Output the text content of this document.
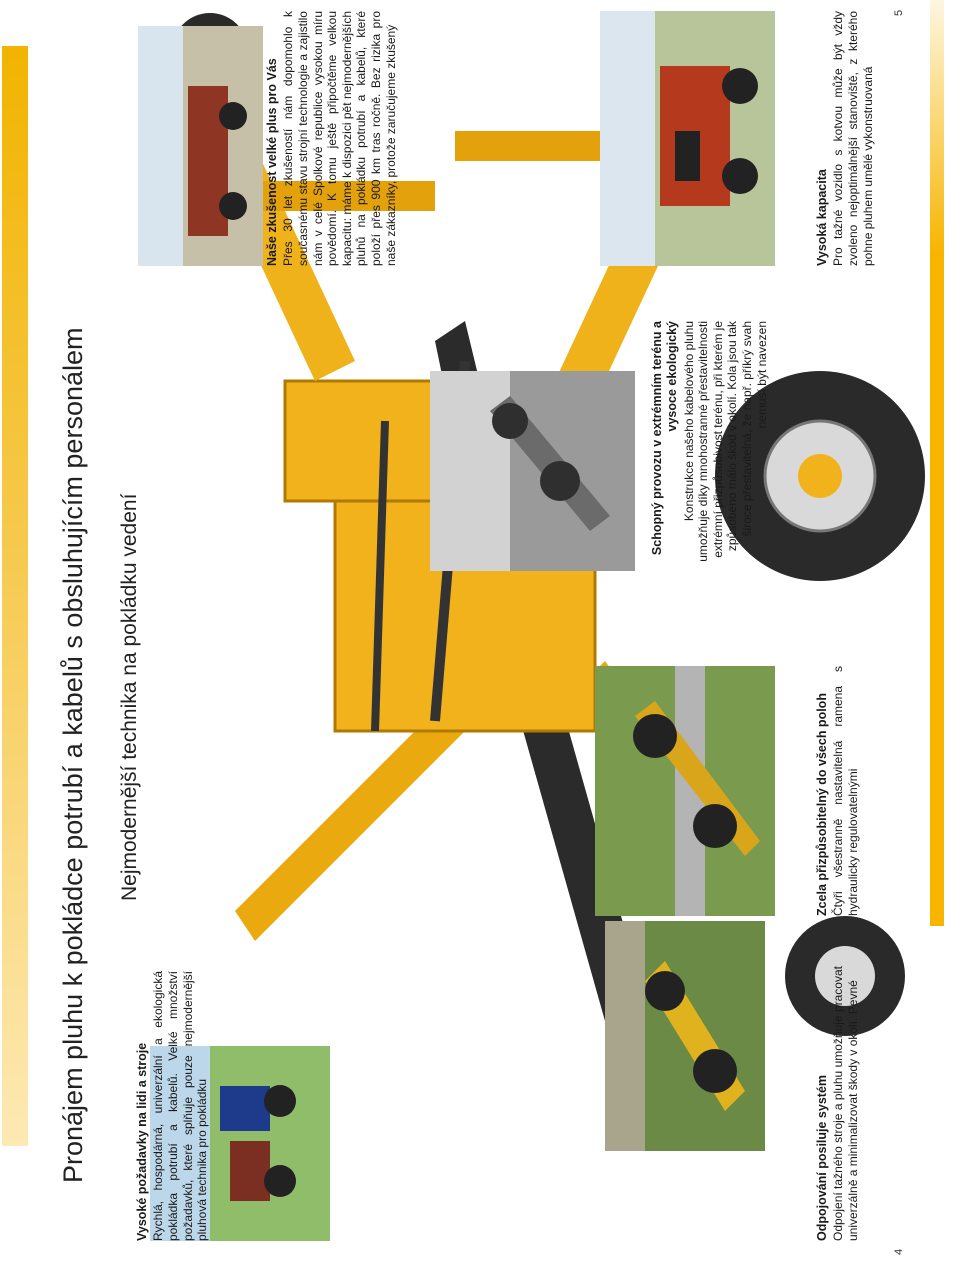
Pronájem pluhu k pokládce potrubí a kabelů s obsluhujícím personálem Nejmodernější technika na pokládku vedení
Vysoké požadavky na lidi a stroje Rychlá, hospodárná, univerzální a ekologická pokládka potrubí a kabelů. Velké množství požadavků, které splňuje pouze nejmodernější pluhová technika pro pokládku	Odpojování posiluje systém Odpojení tažného stroje a pluhu umožňuje pracovat univerzálně a minimalizovat škody v okolí. Pevné

Zcela přizpůsobitelný do všech poloh Čtyři všestranně nastavitelná ramena s hydraulicky regulovatelnými

Schopný provozu v extrémním terénu a vysoce ekologický Konstrukce našeho kabelového pluhu umožňuje díky mnohostranné přestavitelnosti extrémní přizpůsobivost terénu, při kterém je způsobeno málo škod v okolí. Kola jsou tak široce přestavitelná, že např. příkrý svah nemusí být navezen

Naše zkušenost velké plus pro Vás Přes 30 let zkušeností nám dopomohlo k současnému stavu strojní technologie a zajistilo nám v celé Spolkové republice vysokou míru povědomí. K tomu ještě připočtěme velkou kapacitu: máme k dispozici pět nejmodernějších pluhů na pokládku potrubí a kabelů, které položí přes 900 km tras ročně. Bez rizika pro naše zákazníky, protože zaručujeme zkušený	Vysoká kapacita Pro tažné vozidlo s kotvou může být vždy zvoleno nejoptimálnější stanoviště, z kterého pohne pluhem umělé vykonstruovaná

4
5
